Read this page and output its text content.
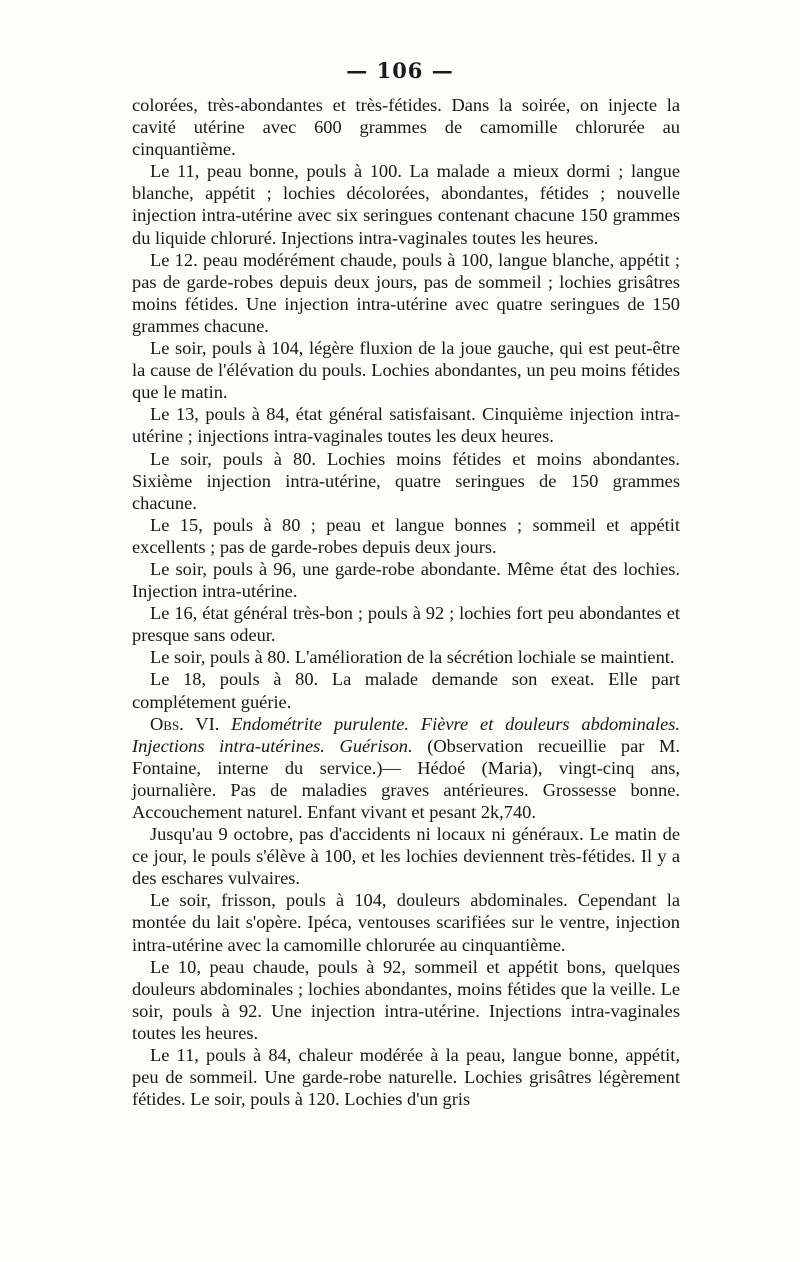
— 106 —

colorées, très-abondantes et très-fétides. Dans la soirée, on injecte la cavité utérine avec 600 grammes de camomille chlorurée au cinquantième.

Le 11, peau bonne, pouls à 100. La malade a mieux dormi ; langue blanche, appétit ; lochies décolorées, abondantes, fétides ; nouvelle injection intra-utérine avec six seringues contenant chacune 150 grammes du liquide chloruré. Injections intra-vaginales toutes les heures.

Le 12. peau modérément chaude, pouls à 100, langue blanche, appétit ; pas de garde-robes depuis deux jours, pas de sommeil ; lochies grisâtres moins fétides. Une injection intra-utérine avec quatre seringues de 150 grammes chacune.

Le soir, pouls à 104, légère fluxion de la joue gauche, qui est peut-être la cause de l'élévation du pouls. Lochies abondantes, un peu moins fétides que le matin.

Le 13, pouls à 84, état général satisfaisant. Cinquième injection intra-utérine ; injections intra-vaginales toutes les deux heures.

Le soir, pouls à 80. Lochies moins fétides et moins abondantes. Sixième injection intra-utérine, quatre seringues de 150 grammes chacune.

Le 15, pouls à 80 ; peau et langue bonnes ; sommeil et appétit excellents ; pas de garde-robes depuis deux jours.

Le soir, pouls à 96, une garde-robe abondante. Même état des lochies. Injection intra-utérine.

Le 16, état général très-bon ; pouls à 92 ; lochies fort peu abondantes et presque sans odeur.

Le soir, pouls à 80. L'amélioration de la sécrétion lochiale se maintient.

Le 18, pouls à 80. La malade demande son exeat. Elle part complétement guérie.

Obs. VI. Endométrite purulente. Fièvre et douleurs abdominales. Injections intra-utérines. Guérison. (Observation recueillie par M. Fontaine, interne du service.)— Hédoé (Maria), vingt-cinq ans, journalière. Pas de maladies graves antérieures. Grossesse bonne. Accouchement naturel. Enfant vivant et pesant 2k,740.

Jusqu'au 9 octobre, pas d'accidents ni locaux ni généraux. Le matin de ce jour, le pouls s'élève à 100, et les lochies deviennent très-fétides. Il y a des eschares vulvaires.

Le soir, frisson, pouls à 104, douleurs abdominales. Cependant la montée du lait s'opère. Ipéca, ventouses scarifiées sur le ventre, injection intra-utérine avec la camomille chlorurée au cinquantième.

Le 10, peau chaude, pouls à 92, sommeil et appétit bons, quelques douleurs abdominales ; lochies abondantes, moins fétides que la veille. Le soir, pouls à 92. Une injection intra-utérine. Injections intra-vaginales toutes les heures.

Le 11, pouls à 84, chaleur modérée à la peau, langue bonne, appétit, peu de sommeil. Une garde-robe naturelle. Lochies grisâtres légèrement fétides. Le soir, pouls à 120. Lochies d'un gris
